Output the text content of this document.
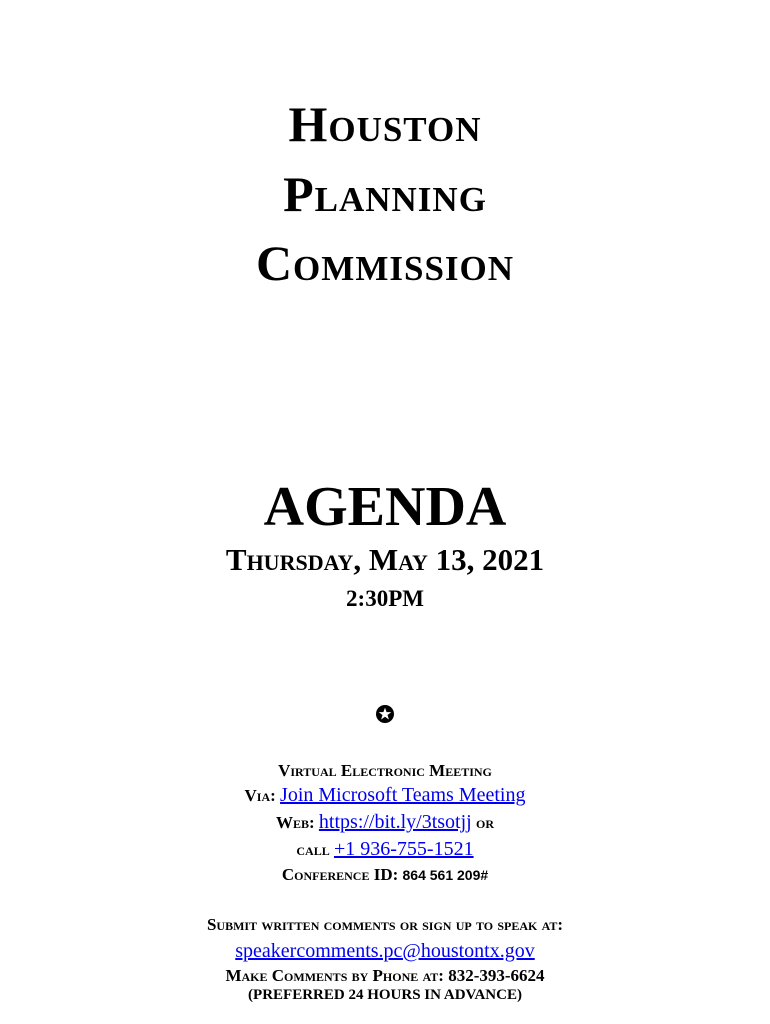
Houston
Planning
Commission
AGENDA
Thursday, May 13, 2021
2:30PM
Virtual Electronic Meeting
Via: Join Microsoft Teams Meeting
Web: https://bit.ly/3tsotjj or
call +1 936-755-1521
Conference ID: 864 561 209#
Submit written comments or sign up to speak at:
speakercomments.pc@houstontx.gov
Make Comments by Phone at: 832-393-6624
(PREFERRED 24 HOURS IN ADVANCE)
